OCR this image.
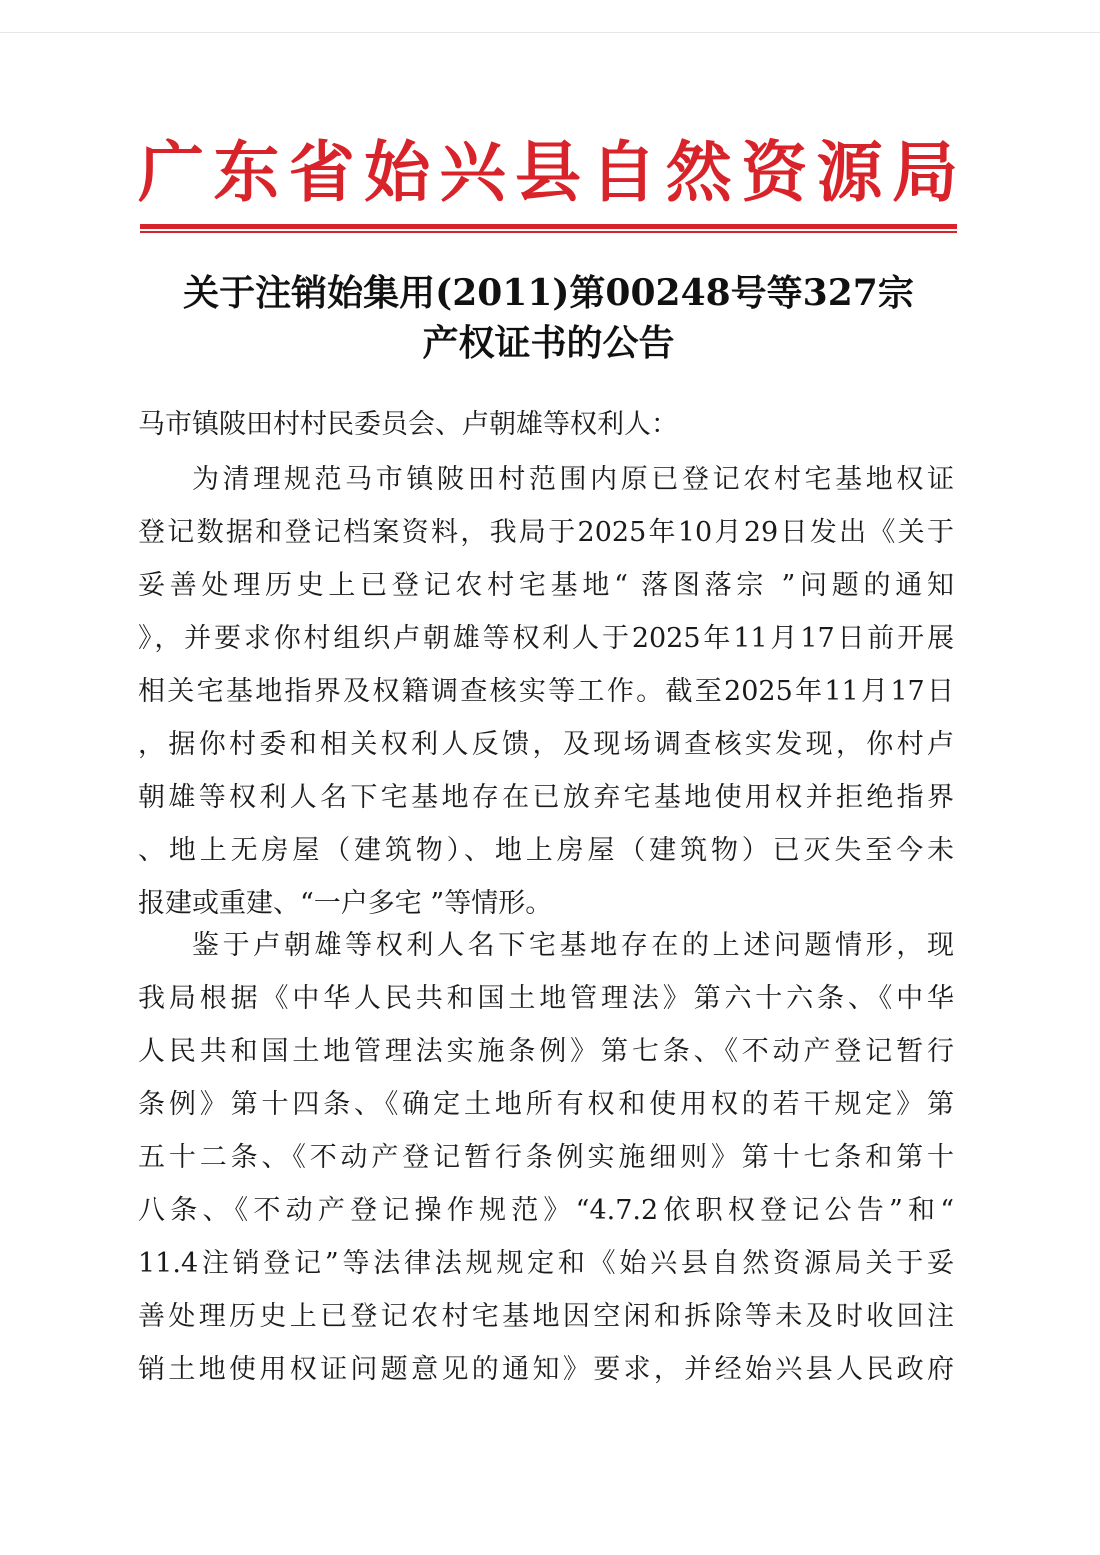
广东省始兴县自然资源局
关于注销始集用(2011)第00248号等327宗
产权证书的公告
马市镇陂田村村民委员会、卢朝雄等权利人：
为清理规范马市镇陂田村范围内原已登记农村宅基地权证
登记数据和登记档案资料，我局于2025年10月29日发出《关于
妥善处理历史上已登记农村宅基地“ 落图落宗 ”问题的通知
》，并要求你村组织卢朝雄等权利人于2025年11月17日前开展
相关宅基地指界及权籍调查核实等工作。截至2025年11月17日
，据你村委和相关权利人反馈，及现场调查核实发现，你村卢
朝雄等权利人名下宅基地存在已放弃宅基地使用权并拒绝指界
、地上无房屋（建筑物）、地上房屋（建筑物）已灭失至今未
报建或重建、“一户多宅 ”等情形。
鉴于卢朝雄等权利人名下宅基地存在的上述问题情形，现
我局根据《中华人民共和国土地管理法》第六十六条、《中华
人民共和国土地管理法实施条例》第七条、《不动产登记暂行
条例》第十四条、《确定土地所有权和使用权的若干规定》第
五十二条、《不动产登记暂行条例实施细则》第十七条和第十
八条、《不动产登记操作规范》“4.7.2依职权登记公告”和“
11.4注销登记”等法律法规规定和《始兴县自然资源局关于妥
善处理历史上已登记农村宅基地因空闲和拆除等未及时收回注
销土地使用权证问题意见的通知》要求，并经始兴县人民政府
